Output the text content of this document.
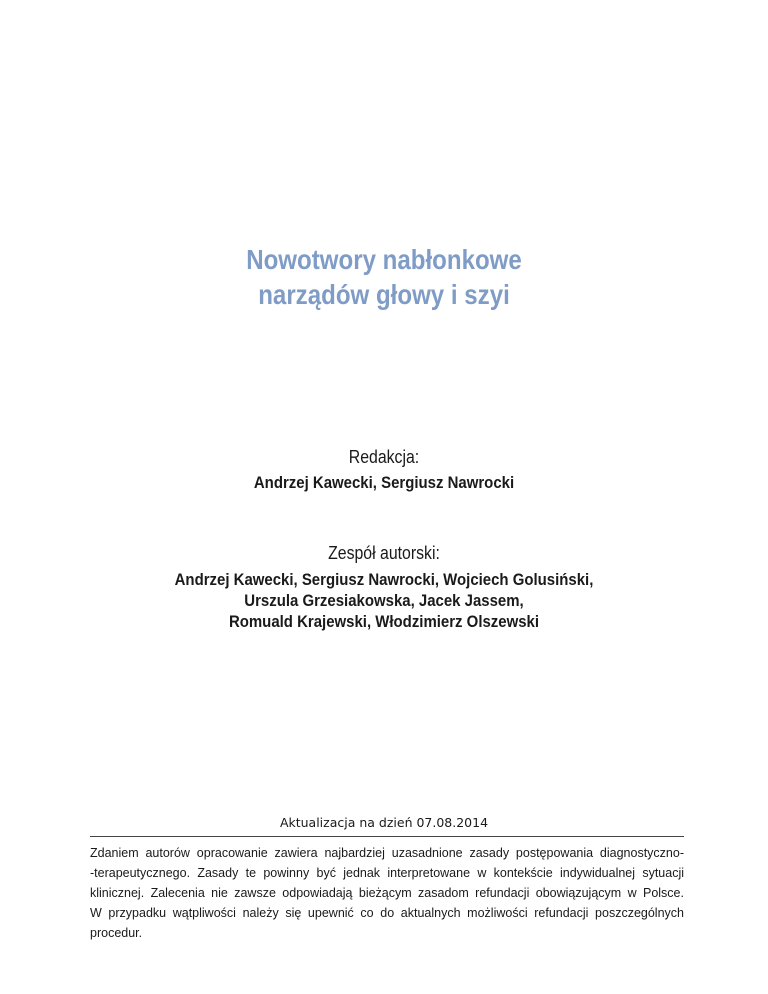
Nowotwory nabłonkowe
narządów głowy i szyi
Redakcja:
Andrzej Kawecki, Sergiusz Nawrocki
Zespół autorski:
Andrzej Kawecki, Sergiusz Nawrocki, Wojciech Golusiński,
Urszula Grzesiakowska, Jacek Jassem,
Romuald Krajewski, Włodzimierz Olszewski
Aktualizacja na dzień 07.08.2014
Zdaniem autorów opracowanie zawiera najbardziej uzasadnione zasady postępowania diagnostyczno-
-terapeutycznego. Zasady te powinny być jednak interpretowane w kontekście indywidualnej sytuacji
klinicznej. Zalecenia nie zawsze odpowiadają bieżącym zasadom refundacji obowiązującym w Polsce.
W przypadku wątpliwości należy się upewnić co do aktualnych możliwości refundacji poszczególnych
procedur.
